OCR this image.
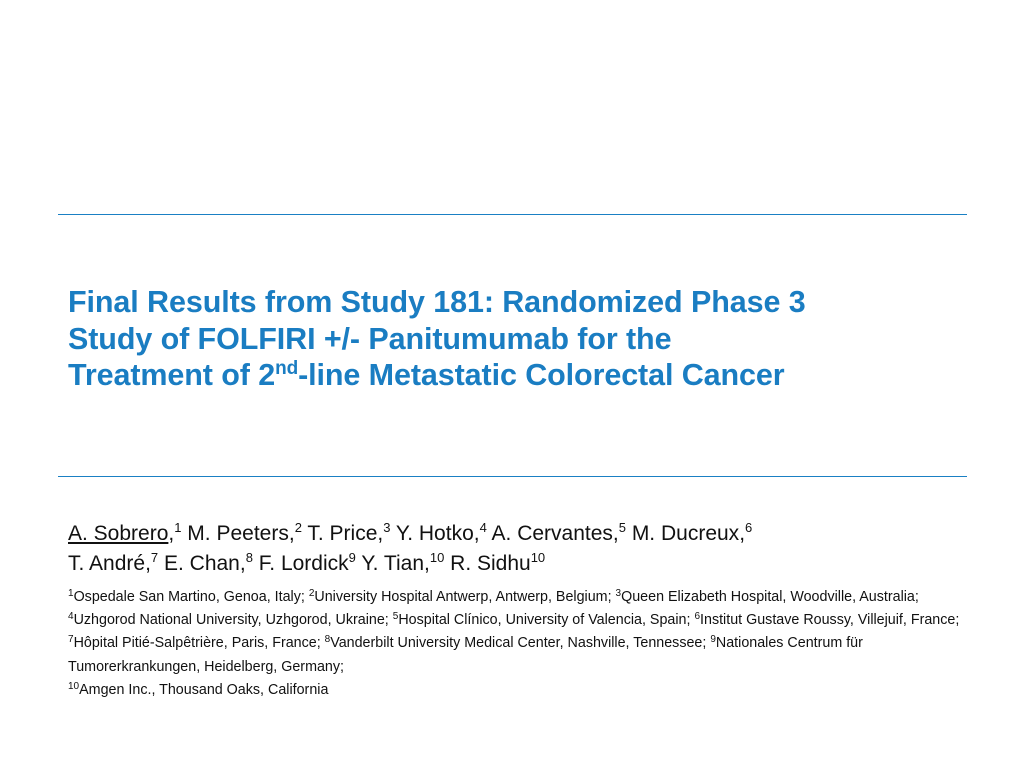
Final Results from Study 181: Randomized Phase 3
Study of FOLFIRI +/- Panitumumab for the
Treatment of 2nd-line Metastatic Colorectal Cancer

A. Sobrero,$^1$ M. Peeters,$^2$ T. Price,$^3$ Y. Hotko,$^4$ A. Cervantes,$^5$ M. Ducreux,$^6$
T. André,$^7$ E. Chan,$^8$ F. Lordick$^9$ Y. Tian,$^{10}$ R. Sidhu$^{10}$

$^1$Ospedale San Martino, Genoa, Italy; $^2$University Hospital Antwerp, Antwerp, Belgium; $^3$Queen Elizabeth Hospital, Woodville, Australia; $^4$Uzhgorod National University, Uzhgorod, Ukraine; $^5$Hospital Clínico, University of Valencia, Spain; $^6$Institut Gustave Roussy, Villejuif, France; $^7$Hôpital Pitié-Salpêtrière, Paris, France; $^8$Vanderbilt University Medical Center, Nashville, Tennessee; $^9$Nationales Centrum für Tumorerkrankungen, Heidelberg, Germany;
$^{10}$Amgen Inc., Thousand Oaks, California
